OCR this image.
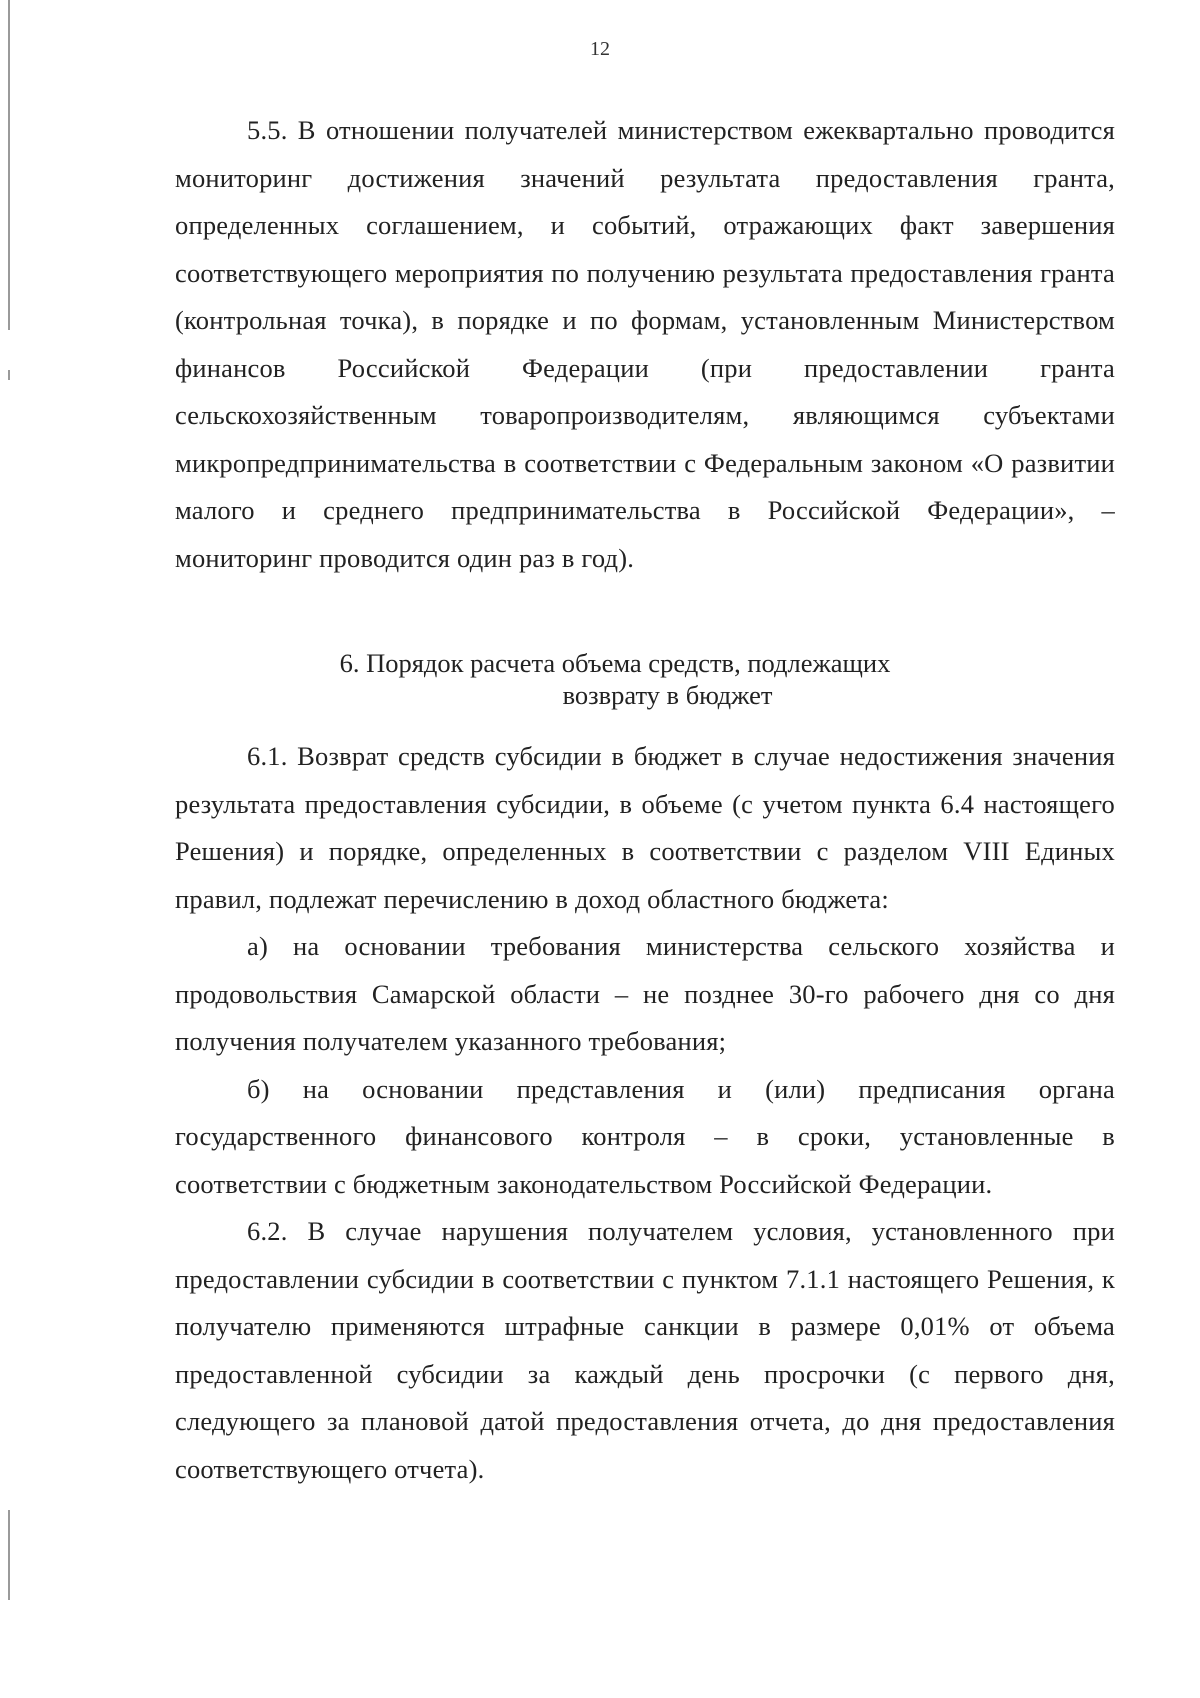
12

5.5. В отношении получателей министерством ежеквартально проводится мониторинг достижения значений результата предоставления гранта, определенных соглашением, и событий, отражающих факт завершения соответствующего мероприятия по получению результата предоставления гранта (контрольная точка), в порядке и по формам, установленным Министерством финансов Российской Федерации (при предоставлении гранта сельскохозяйственным товаропроизводителям, являющимся субъектами микропредпринимательства в соответствии с Федеральным законом «О развитии малого и среднего предпринимательства в Российской Федерации», – мониторинг проводится один раз в год).

6. Порядок расчета объема средств, подлежащих
возврату в бюджет

6.1. Возврат средств субсидии в бюджет в случае недостижения значения результата предоставления субсидии, в объеме (с учетом пункта 6.4 настоящего Решения) и порядке, определенных в соответствии с разделом VIII Единых правил, подлежат перечислению в доход областного бюджета:

а) на основании требования министерства сельского хозяйства и продовольствия Самарской области – не позднее 30-го рабочего дня со дня получения получателем указанного требования;

б) на основании представления и (или) предписания органа государственного финансового контроля – в сроки, установленные в соответствии с бюджетным законодательством Российской Федерации.

6.2. В случае нарушения получателем условия, установленного при предоставлении субсидии в соответствии с пунктом 7.1.1 настоящего Решения, к получателю применяются штрафные санкции в размере 0,01% от объема предоставленной субсидии за каждый день просрочки (с первого дня, следующего за плановой датой предоставления отчета, до дня предоставления соответствующего отчета).
